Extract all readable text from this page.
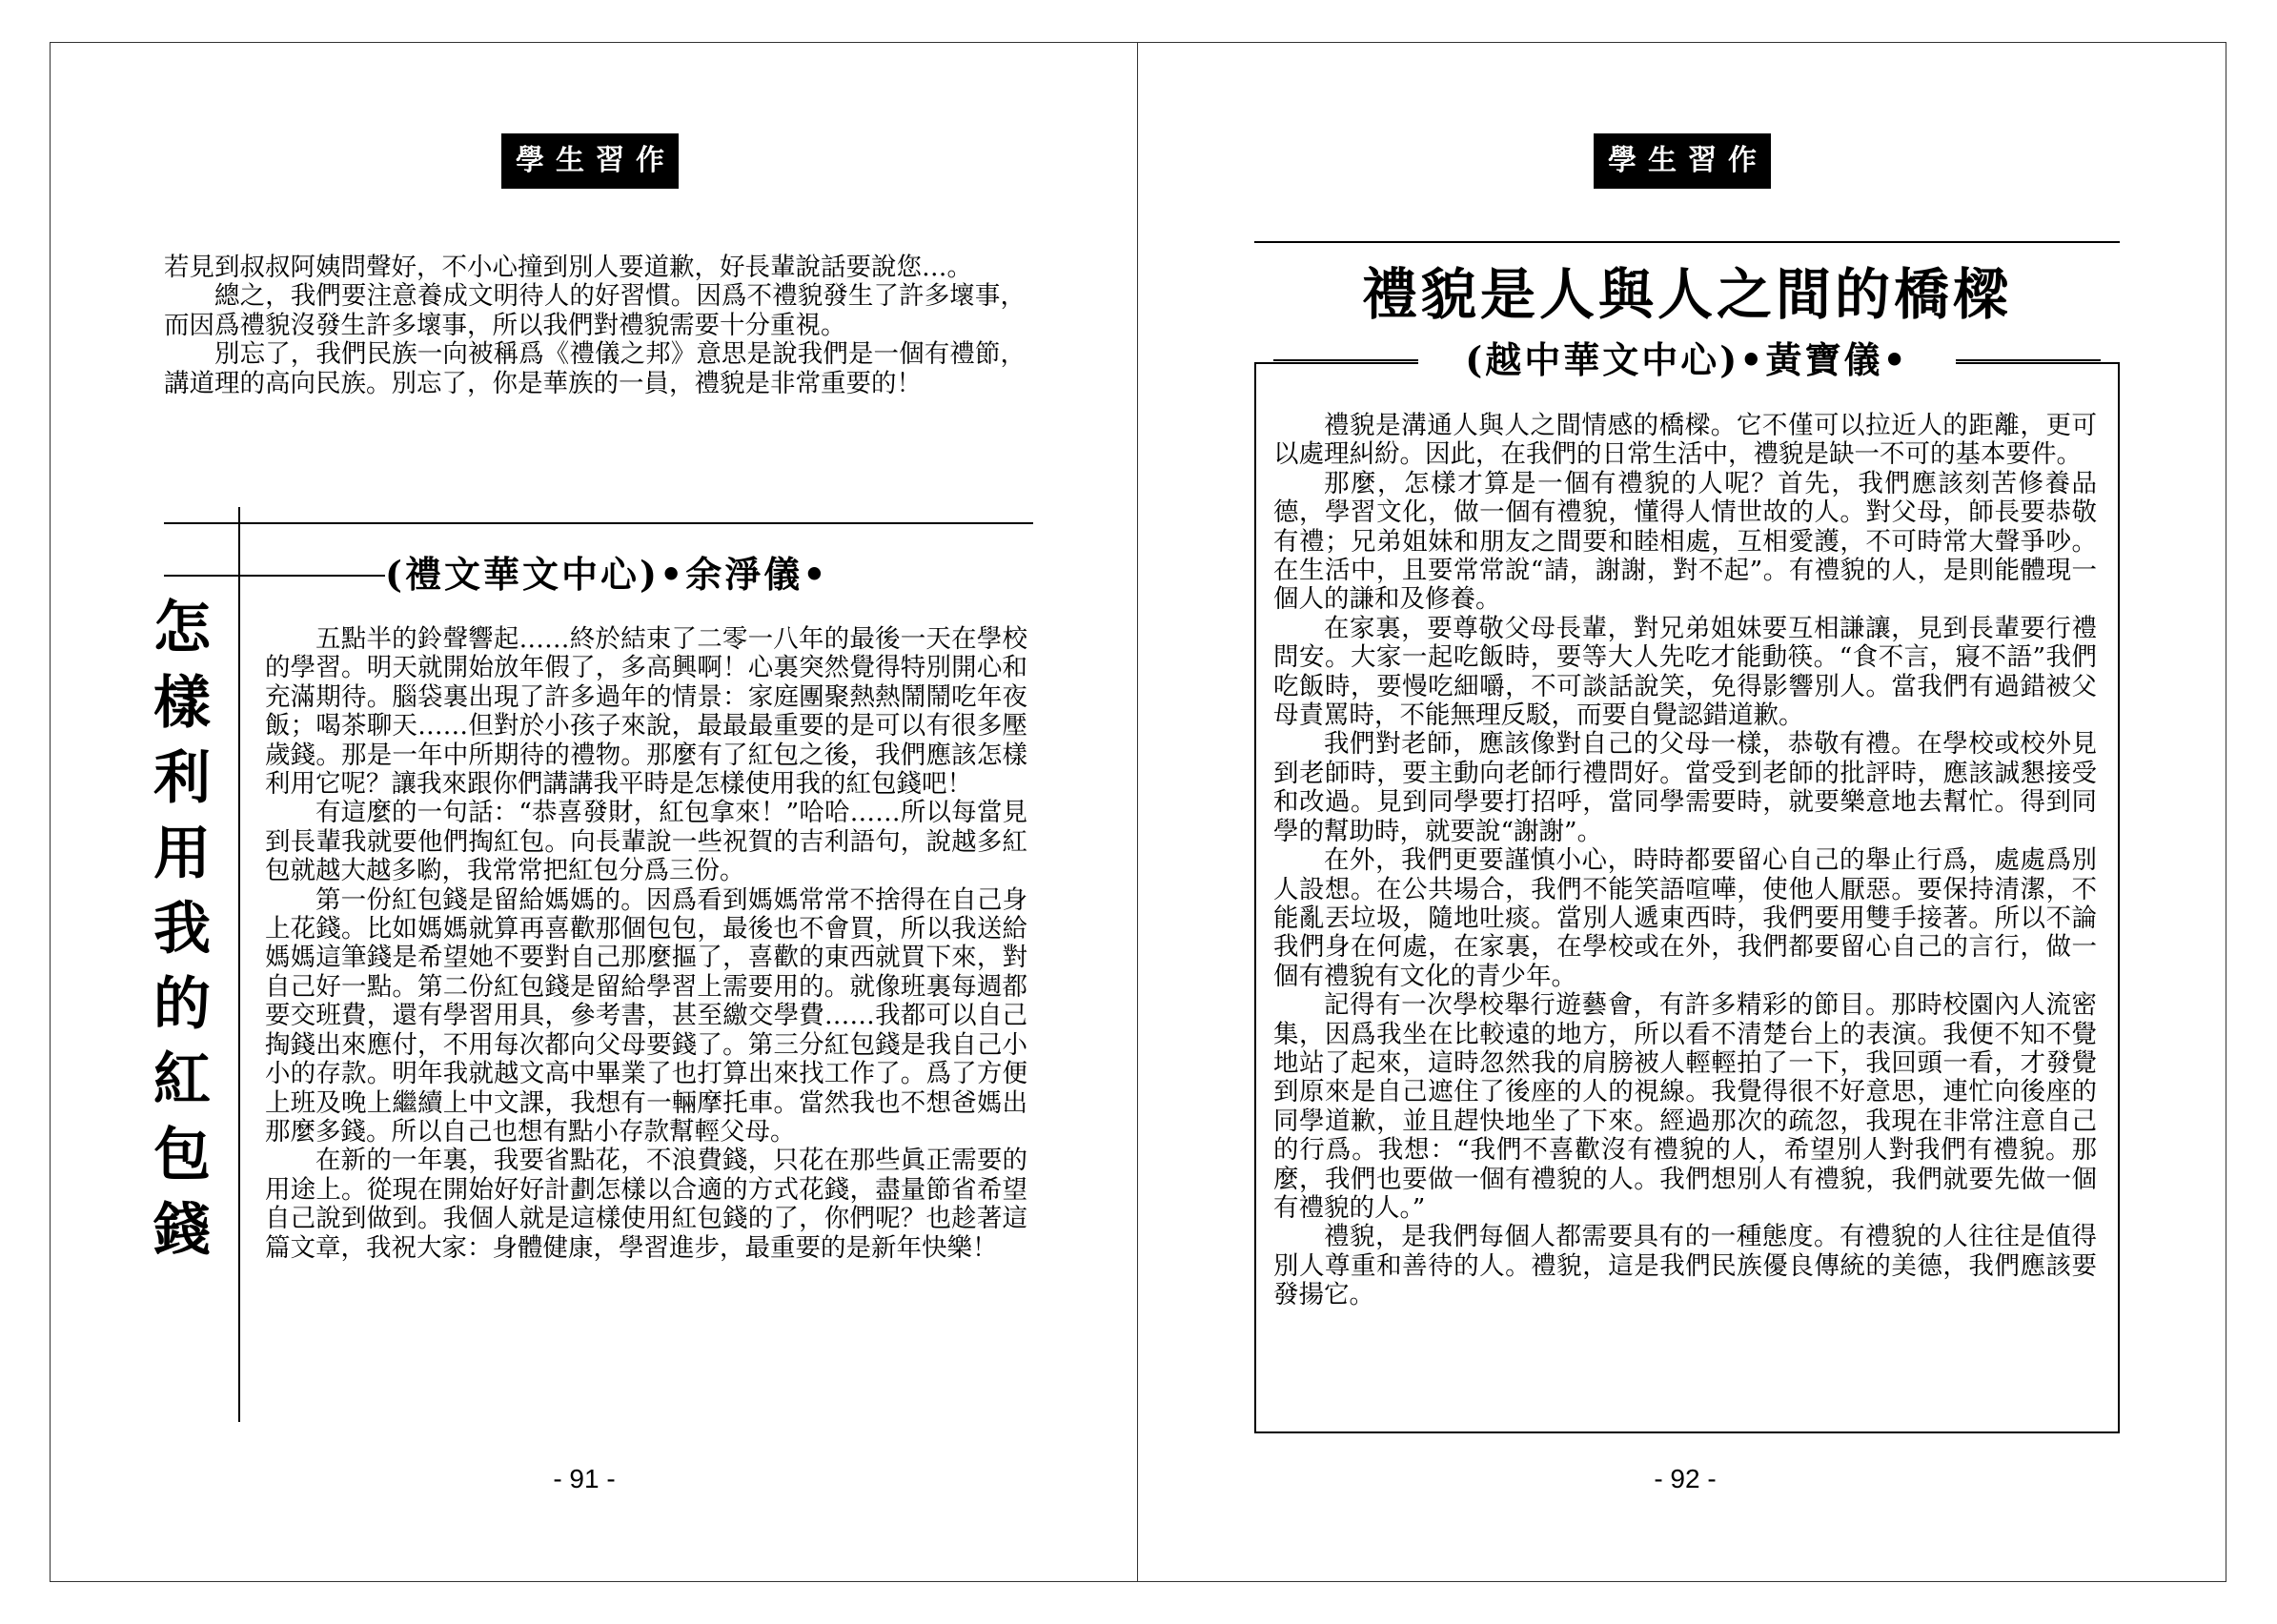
學生習作

若見到叔叔阿姨問聲好，不小心撞到別人要道歉，好長輩說話要說您…。

總之，我們要注意養成文明待人的好習慣。因爲不禮貌發生了許多壞事，而因爲禮貌沒發生許多壞事，所以我們對禮貌需要十分重視。

別忘了，我們民族一向被稱爲《禮儀之邦》意思是說我們是一個有禮節，講道理的高向民族。別忘了，你是華族的一員，禮貌是非常重要的！

(禮文華文中心)•余淨儀•
怎
樣
利
用
我
的
紅
包
錢

五點半的鈴聲響起……終於結束了二零一八年的最後一天在學校的學習。明天就開始放年假了，多高興啊！心裏突然覺得特別開心和充滿期待。腦袋裏出現了許多過年的情景：家庭團聚熱熱鬧鬧吃年夜飯；喝茶聊天……但對於小孩子來說，最最最重要的是可以有很多壓歲錢。那是一年中所期待的禮物。那麼有了紅包之後，我們應該怎樣利用它呢？讓我來跟你們講講我平時是怎樣使用我的紅包錢吧！

有這麼的一句話：“恭喜發財，紅包拿來！”哈哈……所以每當見到長輩我就要他們掏紅包。向長輩說一些祝賀的吉利語句，說越多紅包就越大越多喲，我常常把紅包分爲三份。

第一份紅包錢是留給媽媽的。因爲看到媽媽常常不捨得在自己身上花錢。比如媽媽就算再喜歡那個包包，最後也不會買，所以我送給媽媽這筆錢是希望她不要對自己那麼摳了，喜歡的東西就買下來，對自己好一點。第二份紅包錢是留給學習上需要用的。就像班裏每週都要交班費，還有學習用具，參考書，甚至繳交學費……我都可以自己掏錢出來應付，不用每次都向父母要錢了。第三分紅包錢是我自己小小的存款。明年我就越文高中畢業了也打算出來找工作了。爲了方便上班及晚上繼續上中文課，我想有一輛摩托車。當然我也不想爸媽出那麼多錢。所以自己也想有點小存款幫輕父母。

在新的一年裏，我要省點花，不浪費錢，只花在那些眞正需要的用途上。從現在開始好好計劃怎樣以合適的方式花錢，盡量節省希望自己說到做到。我個人就是這樣使用紅包錢的了，你們呢？也趁著這篇文章，我祝大家：身體健康，學習進步，最重要的是新年快樂！

- 91 -
學生習作
禮貌是人與人之間的橋樑
(越中華文中心)•黃寶儀•

禮貌是溝通人與人之間情感的橋樑。它不僅可以拉近人的距離，更可以處理糾紛。因此，在我們的日常生活中，禮貌是缺一不可的基本要件。

那麼，怎樣才算是一個有禮貌的人呢？首先，我們應該刻苦修養品德，學習文化，做一個有禮貌，懂得人情世故的人。對父母，師長要恭敬有禮；兄弟姐妹和朋友之間要和睦相處，互相愛護，不可時常大聲爭吵。在生活中，且要常常說“請，謝謝，對不起”。有禮貌的人，是則能體現一個人的謙和及修養。

在家裏，要尊敬父母長輩，對兄弟姐妹要互相謙讓，見到長輩要行禮問安。大家一起吃飯時，要等大人先吃才能動筷。“食不言，寢不語”我們吃飯時，要慢吃細嚼，不可談話說笑，免得影響別人。當我們有過錯被父母責罵時，不能無理反駁，而要自覺認錯道歉。

我們對老師，應該像對自己的父母一樣，恭敬有禮。在學校或校外見到老師時，要主動向老師行禮問好。當受到老師的批評時，應該誠懇接受和改過。見到同學要打招呼，當同學需要時，就要樂意地去幫忙。得到同學的幫助時，就要說“謝謝”。

在外，我們更要謹慎小心，時時都要留心自己的舉止行爲，處處爲別人設想。在公共場合，我們不能笑語喧嘩，使他人厭惡。要保持清潔，不能亂丟垃圾，隨地吐痰。當別人遞東西時，我們要用雙手接著。所以不論我們身在何處，在家裏，在學校或在外，我們都要留心自己的言行，做一個有禮貌有文化的青少年。

記得有一次學校舉行遊藝會，有許多精彩的節目。那時校園內人流密集，因爲我坐在比較遠的地方，所以看不清楚台上的表演。我便不知不覺地站了起來，這時忽然我的肩膀被人輕輕拍了一下，我回頭一看，才發覺到原來是自己遮住了後座的人的視線。我覺得很不好意思，連忙向後座的同學道歉，並且趕快地坐了下來。經過那次的疏忽，我現在非常注意自己的行爲。我想：“我們不喜歡沒有禮貌的人，希望別人對我們有禮貌。那麼，我們也要做一個有禮貌的人。我們想別人有禮貌，我們就要先做一個有禮貌的人。”

禮貌，是我們每個人都需要具有的一種態度。有禮貌的人往往是值得別人尊重和善待的人。禮貌，這是我們民族優良傳統的美德，我們應該要發揚它。

- 92 -
